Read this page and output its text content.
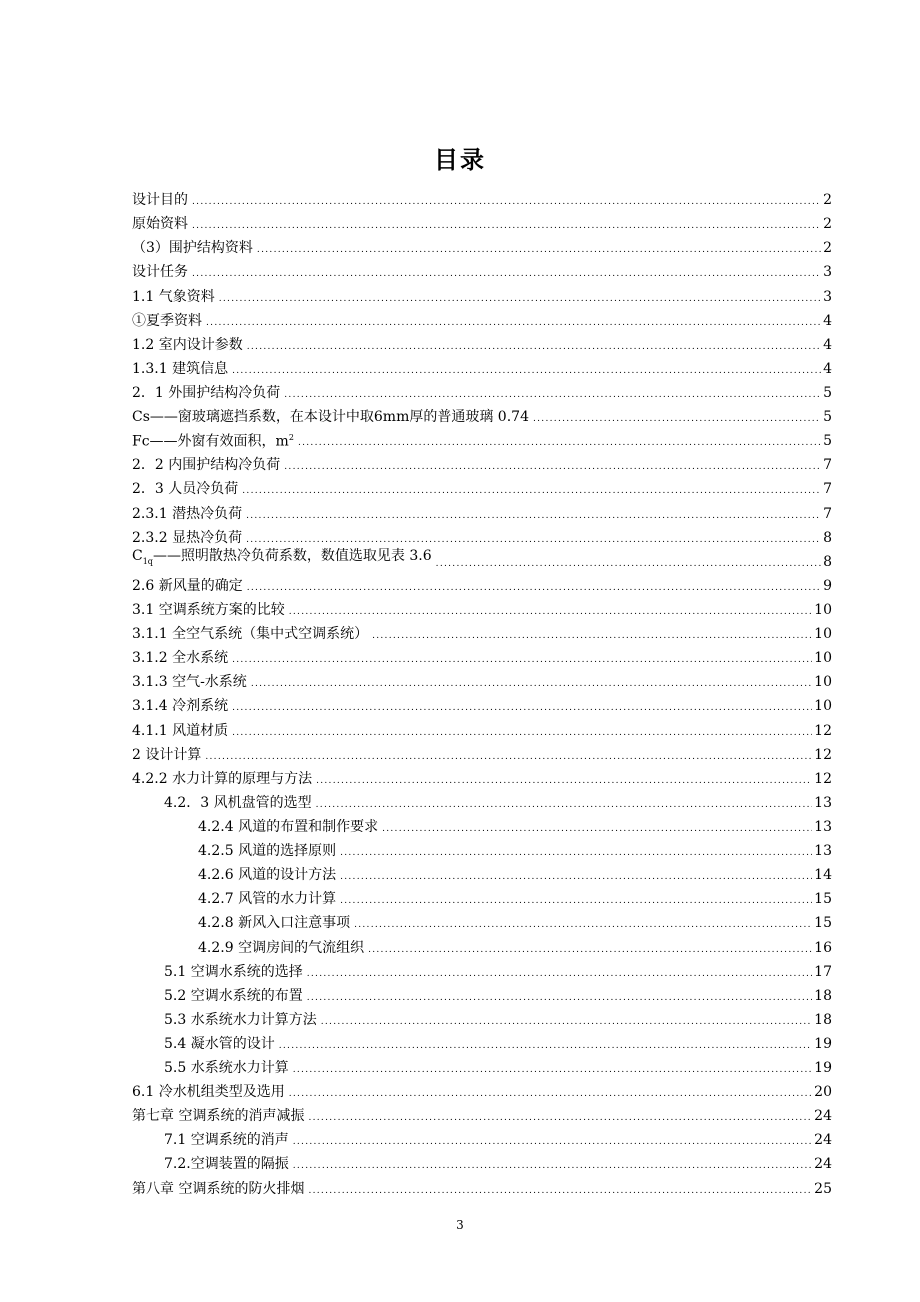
目录
设计目的 .....	2
原始资料 .....	2
（3）围护结构资料 .....	2
设计任务 .....	3
1.1 气象资料 .....	3
①夏季资料 .....	4
1.2 室内设计参数 .....	4
1.3.1 建筑信息 .....	4
2．1 外围护结构冷负荷 .....	5
Cs——窗玻璃遮挡系数，在本设计中取6mm厚的普通玻璃 0.74 .....	5
Fc——外窗有效面积，$m^2$ .....	5
2．2 内围护结构冷负荷 .....	7
2．3 人员冷负荷 .....	7
2.3.1 潜热冷负荷 .....	7
2.3.2 显热冷负荷 .....	8
$C_{1q}——$照明散热冷负荷系数，数值选取见表 3.6 .....	8
2.6 新风量的确定 .....	9
3.1 空调系统方案的比较 .....	10
3.1.1 全空气系统（集中式空调系统） .....	10
3.1.2 全水系统 .....	10
3.1.3 空气-水系统 .....	10
3.1.4 冷剂系统 .....	10
4.1.1 风道材质 .....	12
2 设计计算 .....	12
4.2.2 水力计算的原理与方法 .....	12
4.2．3 风机盘管的选型 .....	13
4.2.4 风道的布置和制作要求 .....	13
4.2.5 风道的选择原则 .....	13
4.2.6 风道的设计方法 .....	14
4.2.7 风管的水力计算 .....	15
4.2.8 新风入口注意事项 .....	15
4.2.9 空调房间的气流组织 .....	16
5.1 空调水系统的选择 .....	17
5.2 空调水系统的布置 .....	18
5.3 水系统水力计算方法 .....	18
5.4 凝水管的设计 .....	19
5.5 水系统水力计算 .....	19
6.1 冷水机组类型及选用 .....	20
第七章 空调系统的消声减振 .....	24
7.1 空调系统的消声 .....	24
7.2.空调装置的隔振 .....	24
第八章 空调系统的防火排烟 .....	25
3
